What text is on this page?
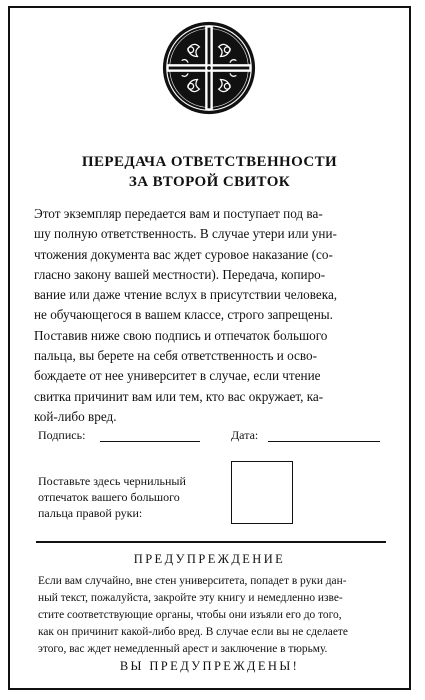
ПЕРЕДАЧА ОТВЕТСТВЕННОСТИ
ЗА ВТОРОЙ СВИТОК
Этот экземпляр передается вам и поступает под ва-
шу полную ответственность. В случае утери или уни-
чтожения документа вас ждет суровое наказание (со-
гласно закону вашей местности). Передача, копиро-
вание или даже чтение вслух в присутствии человека,
не обучающегося в вашем классе, строго запрещены.
Поставив ниже свою подпись и отпечаток большого
пальца, вы берете на себя ответственность и осво-
бождаете от нее университет в случае, если чтение
свитка причинит вам или тем, кто вас окружает, ка-
кой-либо вред.
Подпись:	Дата:
Поставьте здесь чернильный
отпечаток вашего большого
пальца правой руки:
ПРЕДУПРЕЖДЕНИЕ
Если вам случайно, вне стен университета, попадет в руки дан-
ный текст, пожалуйста, закройте эту книгу и немедленно изве-
стите соответствующие органы, чтобы они изъяли его до того,
как он причинит какой-либо вред. В случае если вы не сделаете
этого, вас ждет немедленный арест и заключение в тюрьму.
ВЫ ПРЕДУПРЕЖДЕНЫ!
